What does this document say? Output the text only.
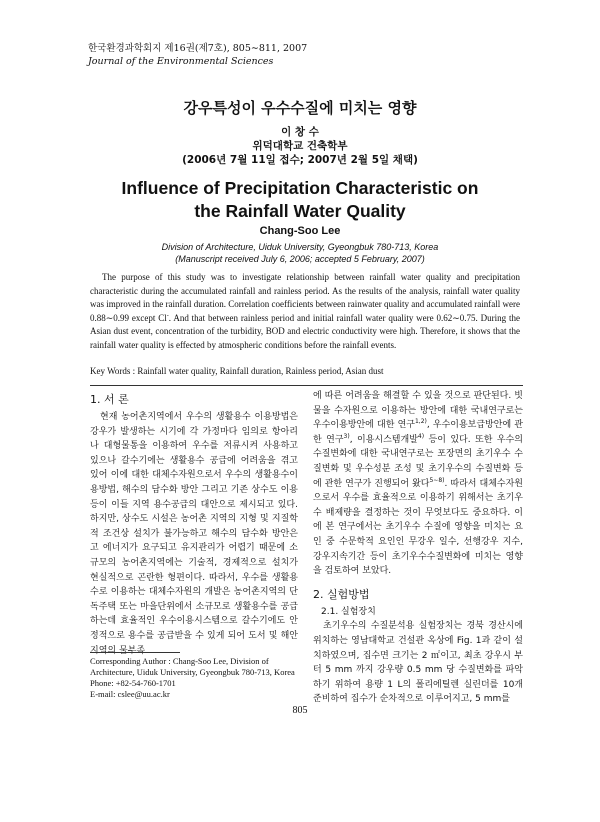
한국환경과학회지 제16권(제7호), 805∼811, 2007
Journal of the Environmental Sciences
강우특성이 우수수질에 미치는 영향
이 창 수
위덕대학교 건축학부
(2006년 7월 11일 접수; 2007년 2월 5일 채택)
Influence of Precipitation Characteristic on
the Rainfall Water Quality
Chang-Soo Lee
Division of Architecture, Uiduk University, Gyeongbuk 780-713, Korea
(Manuscript received July 6, 2006; accepted 5 February, 2007)
The purpose of this study was to investigate relationship between rainfall water quality and precipitation characteristic during the accumulated rainfall and rainless period. As the results of the analysis, rainfall water quality was improved in the rainfall duration. Correlation coefficients between rainwater quality and accumulated rainfall were 0.88∼0.99 except Cl-. And that between rainless period and initial rainfall water quality were 0.62∼0.75. During the Asian dust event, concentration of the turbidity, BOD and electric conductivity were high. Therefore, it shows that the rainfall water quality is effected by atmospheric conditions before the rainfall events.
Key Words : Rainfall water quality, Rainfall duration, Rainless period, Asian dust
1. 서 론

현재 농어촌지역에서 우수의 생활용수 이용방법은 강우가 발생하는 시기에 각 가정마다 임의로 항아리나 대형물통을 이용하여 우수를 저류시켜 사용하고 있으나 갈수기에는 생활용수 공급에 어려움을 겪고 있어 이에 대한 대체수자원으로서 우수의 생활용수이용방법, 해수의 담수화 방안 그리고 기존 상수도 이용 등이 이들 지역 용수공급의 대안으로 제시되고 있다. 하지만, 상수도 시설은 농어촌 지역의 지형 및 지질학적 조건상 설치가 불가능하고 해수의 담수화 방안은 고 에너지가 요구되고 유지관리가 어렵기 때문에 소규모의 농어촌지역에는 기술적, 경제적으로 설치가 현실적으로 곤란한 형편이다. 따라서, 우수를 생활용수로 이용하는 대체수자원의 개발은 농어촌지역의 단독주택 또는 마을단위에서 소규모로 생활용수를 공급하는데 효율적인 우수이용시스템으로 갈수기에도 안정적으로 용수를 공급받을 수 있게 되어 도서 및 해안지역의 물부족

에 따른 어려움을 해결할 수 있을 것으로 판단된다. 빗물을 수자원으로 이용하는 방안에 대한 국내연구로는 우수이용방안에 대한 연구$^{1,2)}$, 우수이용보급방안에 관한 연구$^{3)}$, 이용시스템개발$^{4)}$ 등이 있다. 또한 우수의 수질변화에 대한 국내연구로는 포장면의 초기우수 수질변화 및 우수성분 조성 및 초기우수의 수질변화 등에 관한 연구가 진행되어 왔다$^{5\sim 8)}$. 따라서 대체수자원으로서 우수를 효율적으로 이용하기 위해서는 초기우수 배제량을 결정하는 것이 무엇보다도 중요하다. 이에 본 연구에서는 초기우수 수질에 영향을 미치는 요인 중 수문학적 요인인 무강우 일수, 선행강우 지수, 강우지속기간 등이 초기우수수질변화에 미치는 영향을 검토하여 보았다.

2. 실험방법
2.1. 실험장치

초기우수의 수질분석용 실험장치는 경북 경산시에 위치하는 영남대학교 건설관 옥상에 Fig. 1과 같이 설치하였으며, 집수면 크기는 2 ㎡이고, 최초 강우시 부터 5 mm 까지 강우량 0.5 mm 당 수질변화를 파악하기 위하여 용량 1 L의 폴리에틸렌 실린더를 10개 준비하여 집수가 순차적으로 이루어지고, 5 mm를

Corresponding Author : Chang-Soo Lee, Division of Architecture, Uiduk University, Gyeongbuk 780-713, Korea
Phone: +82-54-760-1701
E-mail: cslee@uu.ac.kr
805
